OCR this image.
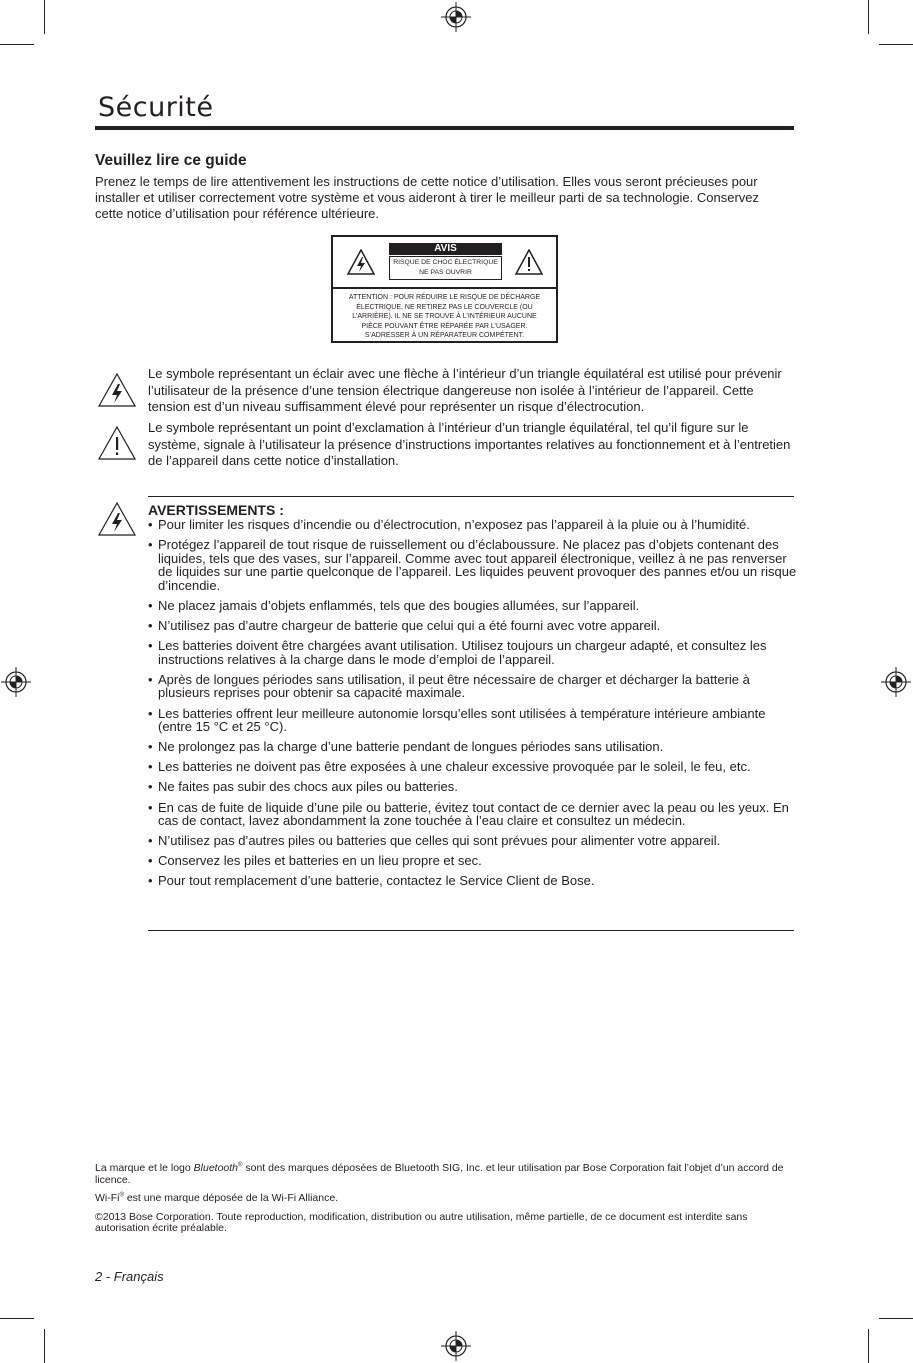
Sécurité
Veuillez lire ce guide
Prenez le temps de lire attentivement les instructions de cette notice d’utilisation. Elles vous seront précieuses pour installer et utiliser correctement votre système et vous aideront à tirer le meilleur parti de sa technologie. Conservez cette notice d’utilisation pour référence ultérieure.
AVIS
RISQUE DE CHOC ÉLECTRIQUE
NE PAS OUVRIR
ATTENTION : POUR RÉDUIRE LE RISQUE DE DÉCHARGE
ÉLECTRIQUE, NE RETIREZ PAS LE COUVERCLE (OU
L’ARRIÈRE). IL NE SE TROUVE À L’INTÉRIEUR AUCUNE
PIÈCE POUVANT ÊTRE RÉPARÉE PAR L’USAGER.
S’ADRESSER À UN RÉPARATEUR COMPÉTENT.
Le symbole représentant un éclair avec une flèche à l’intérieur d’un triangle équilatéral est utilisé pour prévenir l’utilisateur de la présence d’une tension électrique dangereuse non isolée à l’intérieur de l’appareil. Cette tension est d’un niveau suffisamment élevé pour représenter un risque d’électrocution.
Le symbole représentant un point d’exclamation à l’intérieur d’un triangle équilatéral, tel qu’il figure sur le système, signale à l’utilisateur la présence d’instructions importantes relatives au fonctionnement et à l’entretien de l’appareil dans cette notice d’installation.
AVERTISSEMENTS :
• Pour limiter les risques d’incendie ou d’électrocution, n’exposez pas l’appareil à la pluie ou à l’humidité.
• Protégez l’appareil de tout risque de ruissellement ou d’éclaboussure. Ne placez pas d’objets contenant des liquides, tels que des vases, sur l’appareil. Comme avec tout appareil électronique, veillez à ne pas renverser de liquides sur une partie quelconque de l’appareil. Les liquides peuvent provoquer des pannes et/ou un risque d’incendie.
• Ne placez jamais d’objets enflammés, tels que des bougies allumées, sur l’appareil.
• N’utilisez pas d’autre chargeur de batterie que celui qui a été fourni avec votre appareil.
• Les batteries doivent être chargées avant utilisation. Utilisez toujours un chargeur adapté, et consultez les instructions relatives à la charge dans le mode d’emploi de l’appareil.
• Après de longues périodes sans utilisation, il peut être nécessaire de charger et décharger la batterie à plusieurs reprises pour obtenir sa capacité maximale.
• Les batteries offrent leur meilleure autonomie lorsqu’elles sont utilisées à température intérieure ambiante (entre 15 °C et 25 °C).
• Ne prolongez pas la charge d’une batterie pendant de longues périodes sans utilisation.
• Les batteries ne doivent pas être exposées à une chaleur excessive provoquée par le soleil, le feu, etc.
• Ne faites pas subir des chocs aux piles ou batteries.
• En cas de fuite de liquide d’une pile ou batterie, évitez tout contact de ce dernier avec la peau ou les yeux. En cas de contact, lavez abondamment la zone touchée à l’eau claire et consultez un médecin.
• N’utilisez pas d’autres piles ou batteries que celles qui sont prévues pour alimenter votre appareil.
• Conservez les piles et batteries en un lieu propre et sec.
• Pour tout remplacement d’une batterie, contactez le Service Client de Bose.

La marque et le logo Bluetooth® sont des marques déposées de Bluetooth SIG, Inc. et leur utilisation par Bose Corporation fait l’objet d’un accord de licence.

Wi-Fi® est une marque déposée de la Wi-Fi Alliance.

©2013 Bose Corporation. Toute reproduction, modification, distribution ou autre utilisation, même partielle, de ce document est interdite sans autorisation écrite préalable.

2 - Français
